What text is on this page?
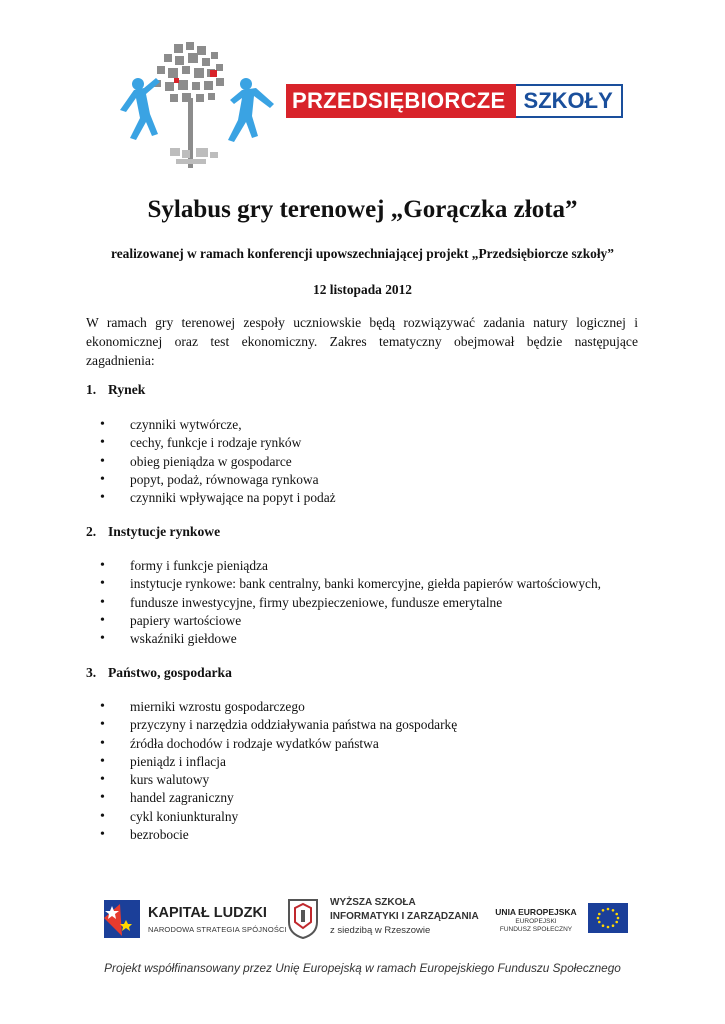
PRZEDSIĘBIORCZE SZKOŁY
Sylabus gry terenowej „Gorączka złota”
realizowanej w ramach konferencji upowszechniającej projekt „Przedsiębiorcze szkoły”
12 listopada 2012
W ramach gry terenowej zespoły uczniowskie będą rozwiązywać zadania natury logicznej i ekonomicznej oraz test ekonomiczny. Zakres tematyczny obejmował będzie następujące zagadnienia:
1. Rynek
• czynniki wytwórcze,
• cechy, funkcje i rodzaje rynków
• obieg pieniądza w gospodarce
• popyt, podaż, równowaga rynkowa
• czynniki wpływające na popyt i podaż
2. Instytucje rynkowe
• formy i funkcje pieniądza
• instytucje rynkowe: bank centralny, banki komercyjne, giełda papierów wartościowych,
• fundusze inwestycyjne, firmy ubezpieczeniowe, fundusze emerytalne
• papiery wartościowe
• wskaźniki giełdowe
3. Państwo, gospodarka
• mierniki wzrostu gospodarczego
• przyczyny i narzędzia oddziaływania państwa na gospodarkę
• źródła dochodów i rodzaje wydatków państwa
• pieniądz i inflacja
• kurs walutowy
• handel zagraniczny
• cykl koniunkturalny
• bezrobocie
KAPITAŁ LUDZKI
NARODOWA STRATEGIA SPÓJNOŚCI
WYŻSZA SZKOŁA
INFORMATYKI I ZARZĄDZANIA
z siedzibą w Rzeszowie
UNIA EUROPEJSKA
EUROPEJSKI
FUNDUSZ SPOŁECZNY
Projekt współfinansowany przez Unię Europejską w ramach Europejskiego Funduszu Społecznego
